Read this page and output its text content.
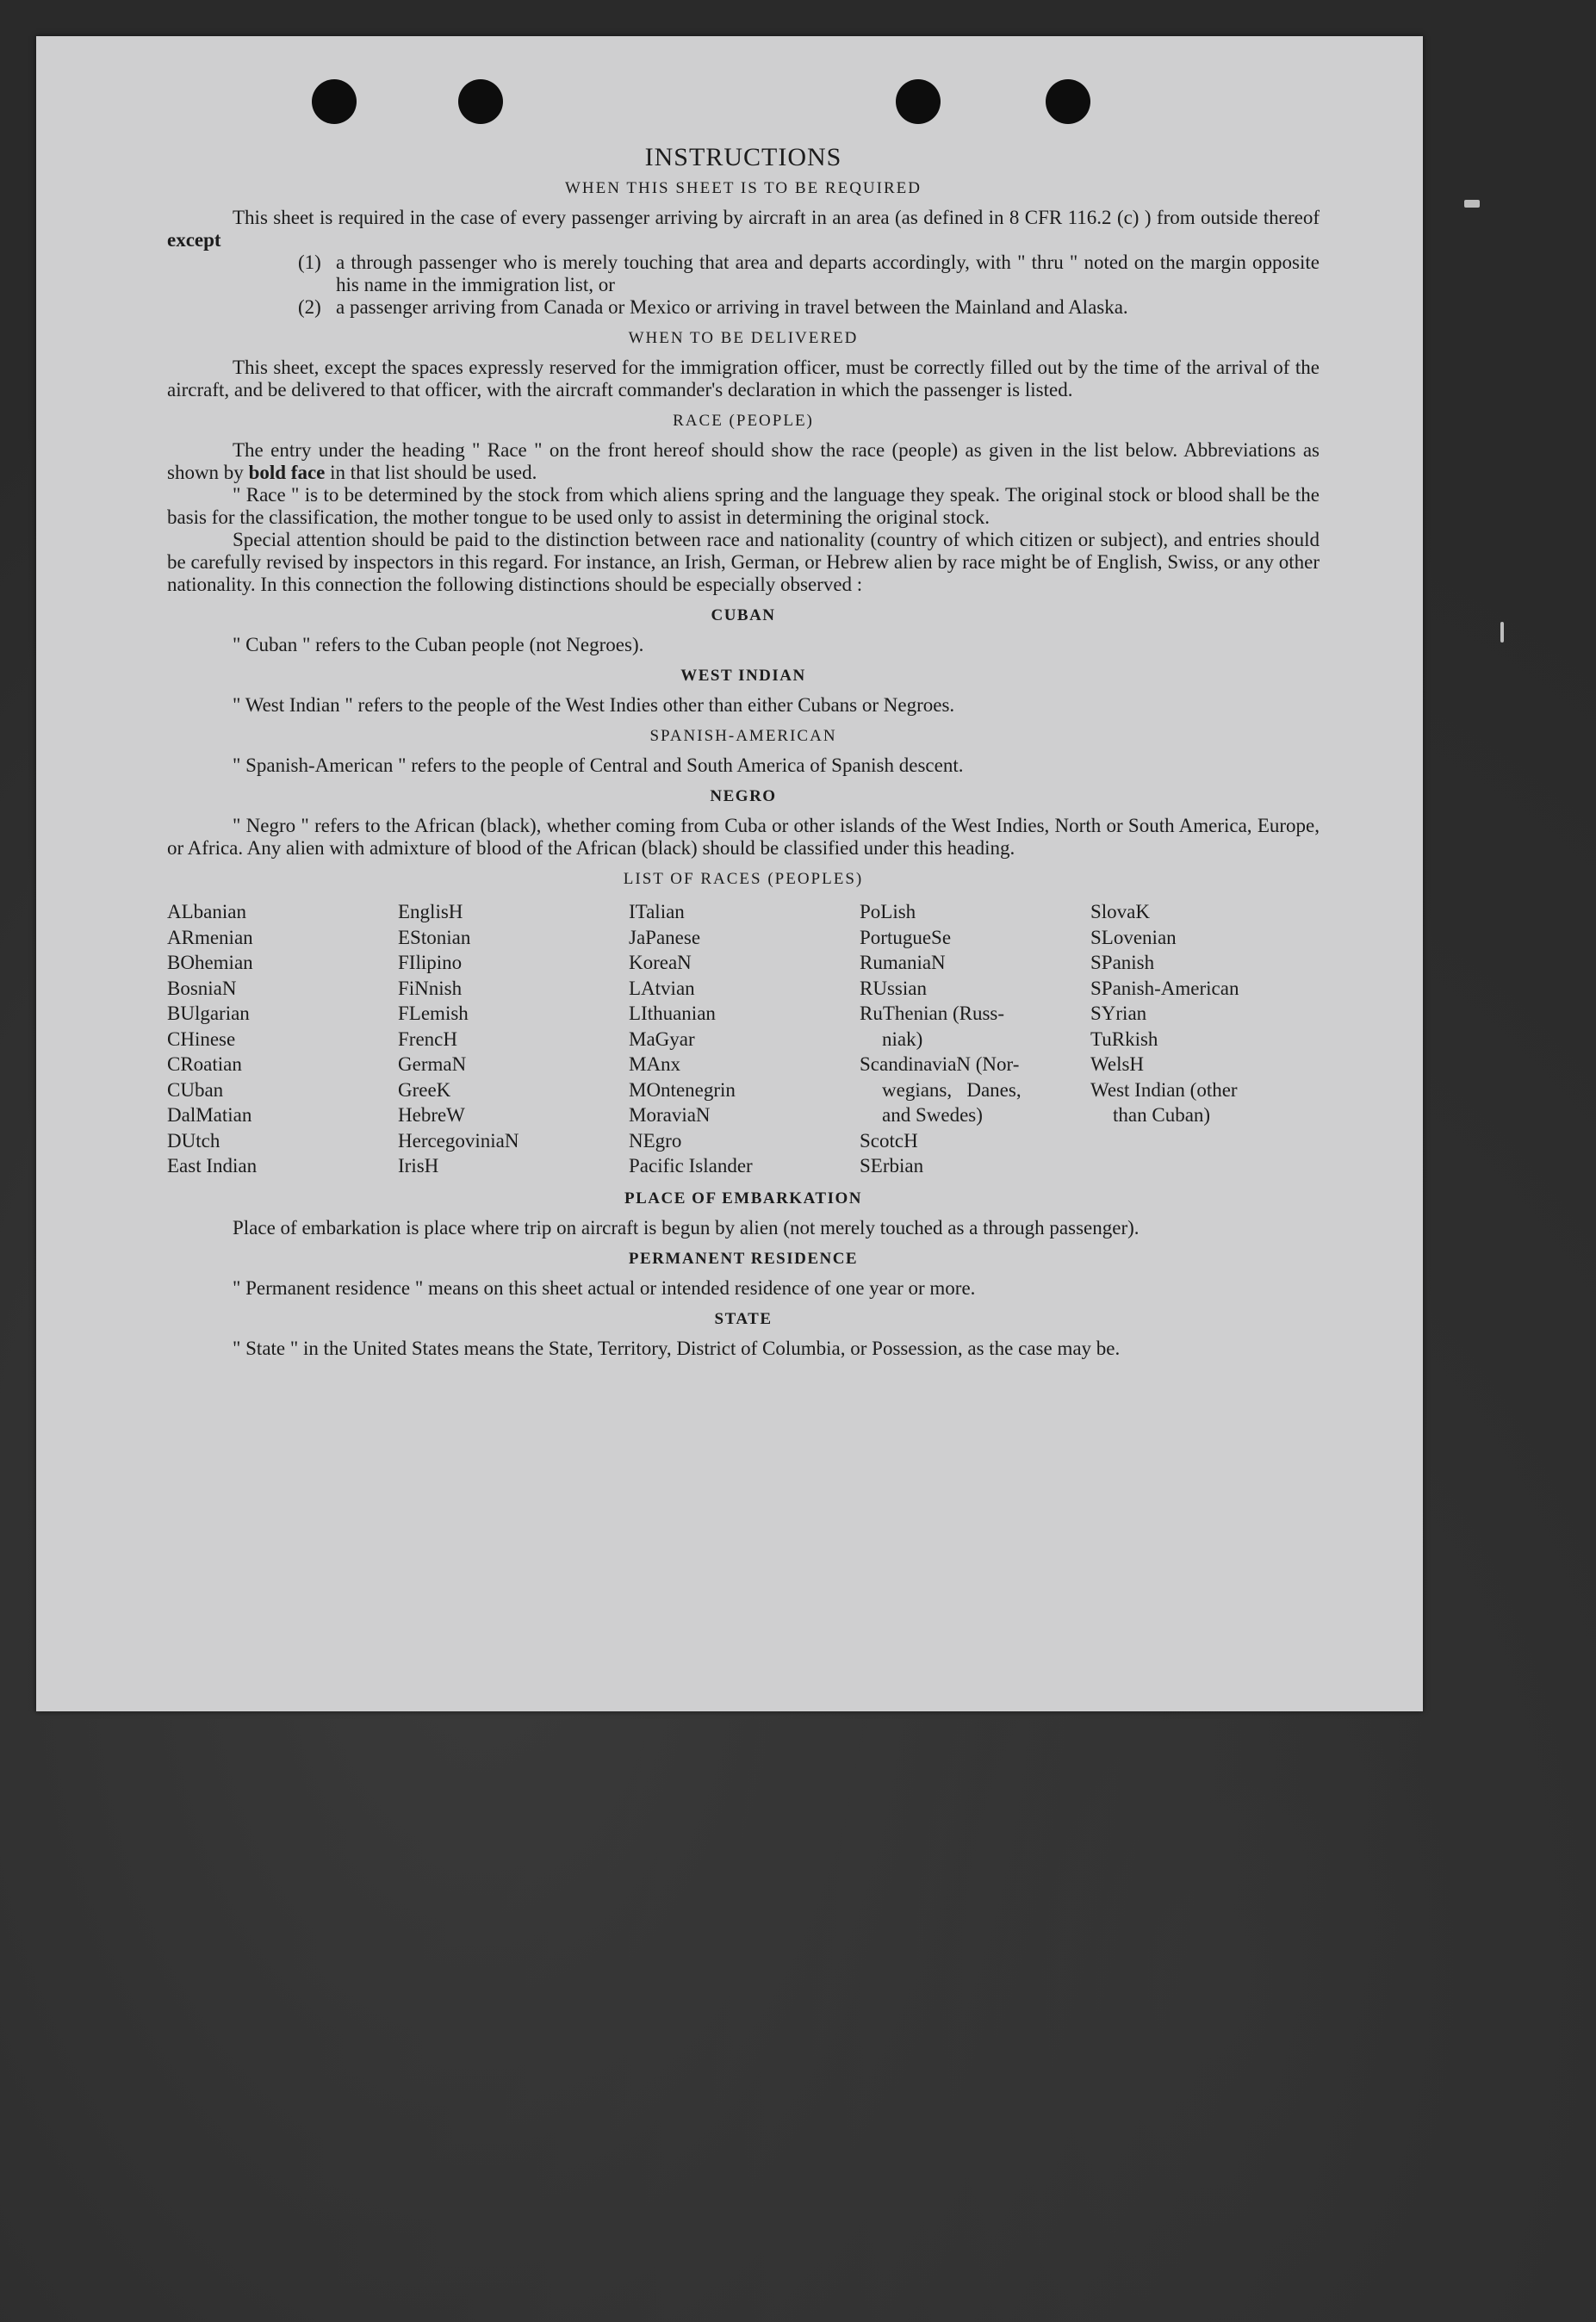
INSTRUCTIONS
WHEN THIS SHEET IS TO BE REQUIRED

This sheet is required in the case of every passenger arriving by aircraft in an area (as defined in 8 CFR 116.2 (c) ) from outside thereof except

(1) a through passenger who is merely touching that area and departs accordingly, with " thru " noted on the margin opposite his name in the immigration list, or
(2) a passenger arriving from Canada or Mexico or arriving in travel between the Mainland and Alaska.
WHEN TO BE DELIVERED

This sheet, except the spaces expressly reserved for the immigration officer, must be correctly filled out by the time of the arrival of the aircraft, and be delivered to that officer, with the aircraft commander's declaration in which the passenger is listed.

RACE (PEOPLE)

The entry under the heading " Race " on the front hereof should show the race (people) as given in the list below. Abbreviations as shown by bold face in that list should be used.

" Race " is to be determined by the stock from which aliens spring and the language they speak. The original stock or blood shall be the basis for the classification, the mother tongue to be used only to assist in determining the original stock.

Special attention should be paid to the distinction between race and nationality (country of which citizen or subject), and entries should be carefully revised by inspectors in this regard. For instance, an Irish, German, or Hebrew alien by race might be of English, Swiss, or any other nationality. In this connection the following distinctions should be especially observed :

CUBAN

" Cuban " refers to the Cuban people (not Negroes).

WEST INDIAN

" West Indian " refers to the people of the West Indies other than either Cubans or Negroes.

SPANISH-AMERICAN

" Spanish-American " refers to the people of Central and South America of Spanish descent.

NEGRO

" Negro " refers to the African (black), whether coming from Cuba or other islands of the West Indies, North or South America, Europe, or Africa. Any alien with admixture of blood of the African (black) should be classified under this heading.

LIST OF RACES (PEOPLES)
ALbanian
ARmenian
BOhemian
BosniaN
BUlgarian
CHinese
CRoatian
CUban
DalMatian
DUtch
East Indian
EnglisH
EStonian
FIlipino
FiNnish
FLemish
FrencH
GermaN
GreeK
HebreW
HercegoviniaN
IrisH
ITalian
JaPanese
KoreaN
LAtvian
LIthuanian
MaGyar
MAnx
MOntenegrin
MoraviaN
NEgro
Pacific Islander
PoLish
PortugueSe
RumaniaN
RUssian
RuThenian (Russ-
niak)
ScandinaviaN (Nor-
wegians,   Danes,
and Swedes)
ScotcH
SErbian
SlovaK
SLovenian
SPanish
SPanish-American
SYrian
TuRkish
WelsH
West Indian (other
than Cuban)
PLACE OF EMBARKATION

Place of embarkation is place where trip on aircraft is begun by alien (not merely touched as a through passenger).

PERMANENT RESIDENCE

" Permanent residence " means on this sheet actual or intended residence of one year or more.

STATE

" State " in the United States means the State, Territory, District of Columbia, or Possession, as the case may be.
